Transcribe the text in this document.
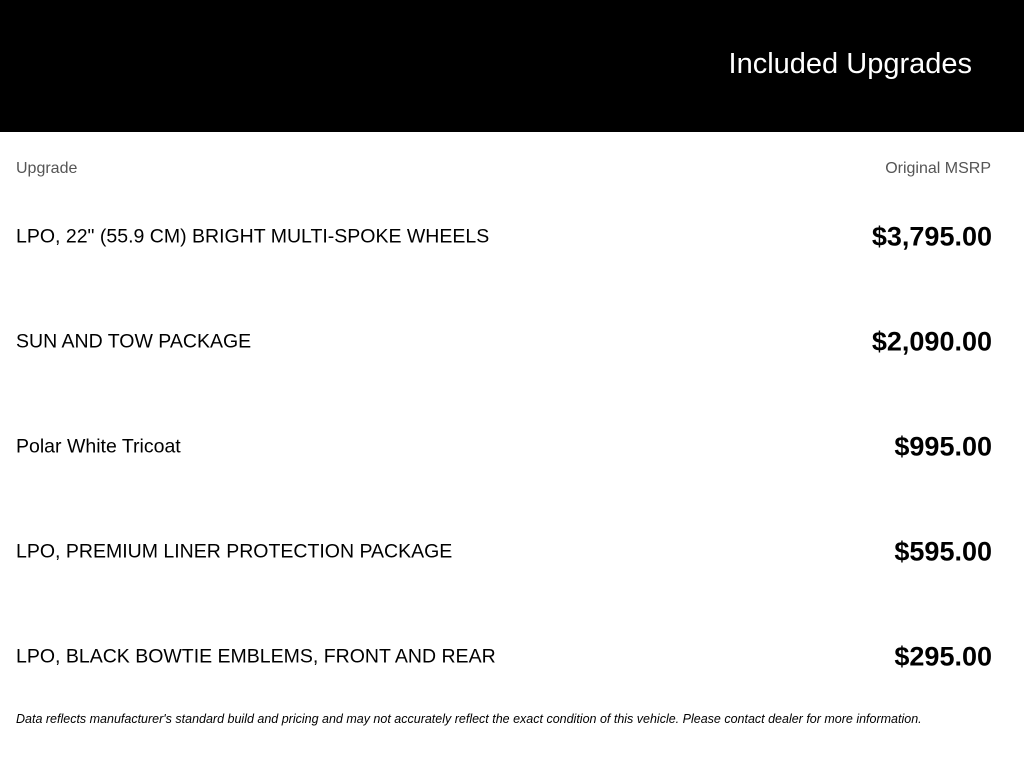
Included Upgrades
Upgrade	Original MSRP
LPO, 22" (55.9 CM) BRIGHT MULTI-SPOKE WHEELS	$3,795.00
SUN AND TOW PACKAGE	$2,090.00
Polar White Tricoat	$995.00
LPO, PREMIUM LINER PROTECTION PACKAGE	$595.00
LPO, BLACK BOWTIE EMBLEMS, FRONT AND REAR	$295.00
Data reflects manufacturer's standard build and pricing and may not accurately reflect the exact condition of this vehicle. Please contact dealer for more information.
